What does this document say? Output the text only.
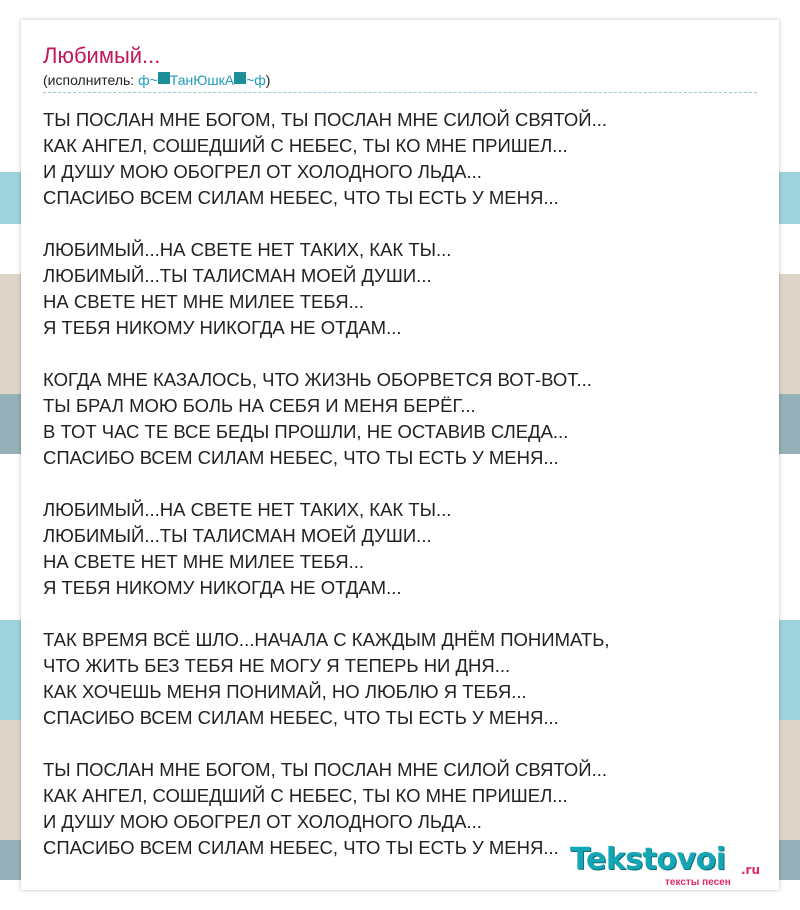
Любимый...
(исполнитель: ф~ ТанЮшкА ~ф)
ТЫ ПОСЛАН МНЕ БОГОМ, ТЫ ПОСЛАН МНЕ СИЛОЙ СВЯТОЙ...
КАК АНГЕЛ, СОШЕДШИЙ С НЕБЕС, ТЫ КО МНЕ ПРИШЕЛ...
И ДУШУ МОЮ ОБОГРЕЛ ОТ ХОЛОДНОГО ЛЬДА...
СПАСИБО ВСЕМ СИЛАМ НЕБЕС, ЧТО ТЫ ЕСТЬ У МЕНЯ...
ЛЮБИМЫЙ...НА СВЕТЕ НЕТ ТАКИХ, КАК ТЫ...
ЛЮБИМЫЙ...ТЫ ТАЛИСМАН МОЕЙ ДУШИ...
НА СВЕТЕ НЕТ МНЕ МИЛЕЕ ТЕБЯ...
Я ТЕБЯ НИКОМУ НИКОГДА НЕ ОТДАМ...
КОГДА МНЕ КАЗАЛОСЬ, ЧТО ЖИЗНЬ ОБОРВЕТСЯ ВОТ-ВОТ...
ТЫ БРАЛ МОЮ БОЛЬ НА СЕБЯ И МЕНЯ БЕРЁГ...
В ТОТ ЧАС ТЕ ВСЕ БЕДЫ ПРОШЛИ, НЕ ОСТАВИВ СЛЕДА...
СПАСИБО ВСЕМ СИЛАМ НЕБЕС, ЧТО ТЫ ЕСТЬ У МЕНЯ...
ЛЮБИМЫЙ...НА СВЕТЕ НЕТ ТАКИХ, КАК ТЫ...
ЛЮБИМЫЙ...ТЫ ТАЛИСМАН МОЕЙ ДУШИ...
НА СВЕТЕ НЕТ МНЕ МИЛЕЕ ТЕБЯ...
Я ТЕБЯ НИКОМУ НИКОГДА НЕ ОТДАМ...
ТАК ВРЕМЯ ВСЁ ШЛО...НАЧАЛА С КАЖДЫМ ДНЁМ ПОНИМАТЬ,
ЧТО ЖИТЬ БЕЗ ТЕБЯ НЕ МОГУ Я ТЕПЕРЬ НИ ДНЯ...
КАК ХОЧЕШЬ МЕНЯ ПОНИМАЙ, НО ЛЮБЛЮ Я ТЕБЯ...
СПАСИБО ВСЕМ СИЛАМ НЕБЕС, ЧТО ТЫ ЕСТЬ У МЕНЯ...
ТЫ ПОСЛАН МНЕ БОГОМ, ТЫ ПОСЛАН МНЕ СИЛОЙ СВЯТОЙ...
КАК АНГЕЛ, СОШЕДШИЙ С НЕБЕС, ТЫ КО МНЕ ПРИШЕЛ...
И ДУШУ МОЮ ОБОГРЕЛ ОТ ХОЛОДНОГО ЛЬДА...
СПАСИБО ВСЕМ СИЛАМ НЕБЕС, ЧТО ТЫ ЕСТЬ У МЕНЯ... Tekstovoi .ru
тексты песен
